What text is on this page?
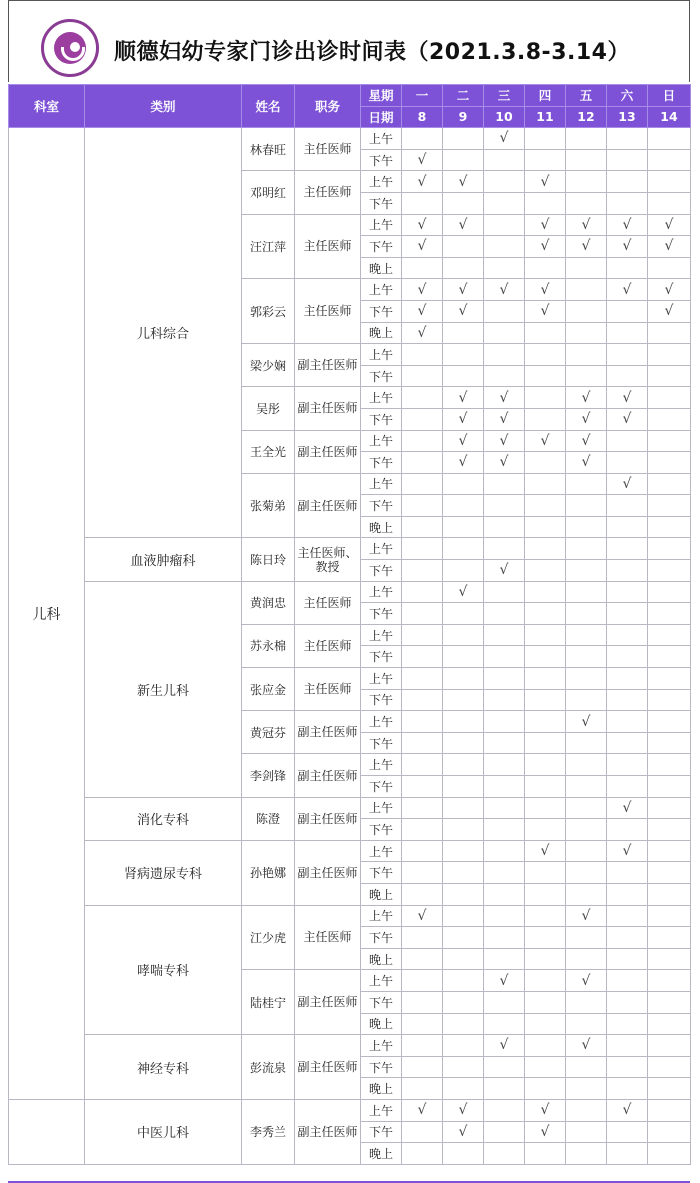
顺德妇幼专家门诊出诊时间表（2021.3.8-3.14）
科室	类别	姓名	职务	星期	一	二	三	四	五	六	日
				日期	8	9	10	11	12	13	14
儿科	儿科综合	林春旺	主任医师	上午			√				
				下午	√						
		邓明红	主任医师	上午	√	√		√			
				下午							
		汪江萍	主任医师	上午	√	√		√	√	√	√
				下午	√			√	√	√	√
				晚上							
		郭彩云	主任医师	上午	√	√	√	√		√	√
				下午	√	√		√			√
				晚上	√						
		梁少娴	副主任医师	上午							
				下午							
		吴彤	副主任医师	上午		√	√		√	√	
				下午		√	√		√	√	
		王全光	副主任医师	上午		√	√	√	√		
				下午		√	√		√		
		张菊弟	副主任医师	上午						√	
				下午							
				晚上							
	血液肿瘤科	陈日玲	主任医师、教授	上午							
				下午			√				
	新生儿科	黄润忠	主任医师	上午		√					
				下午							
		苏永棉	主任医师	上午							
				下午							
		张应金	主任医师	上午							
				下午							
		黄冠芬	副主任医师	上午					√		
				下午							
		李剑锋	副主任医师	上午							
				下午							
	消化专科	陈澄	副主任医师	上午						√	
				下午							
	肾病遗尿专科	孙艳娜	副主任医师	上午				√		√	
				下午							
				晚上							
	哮喘专科	江少虎	主任医师	上午	√				√		
				下午							
				晚上							
		陆桂宁	副主任医师	上午			√		√		
				下午							
				晚上							
	神经专科	彭流泉	副主任医师	上午			√		√		
				下午							
				晚上							
	中医儿科	李秀兰	副主任医师	上午	√	√		√		√	
				下午		√		√			
				晚上							
